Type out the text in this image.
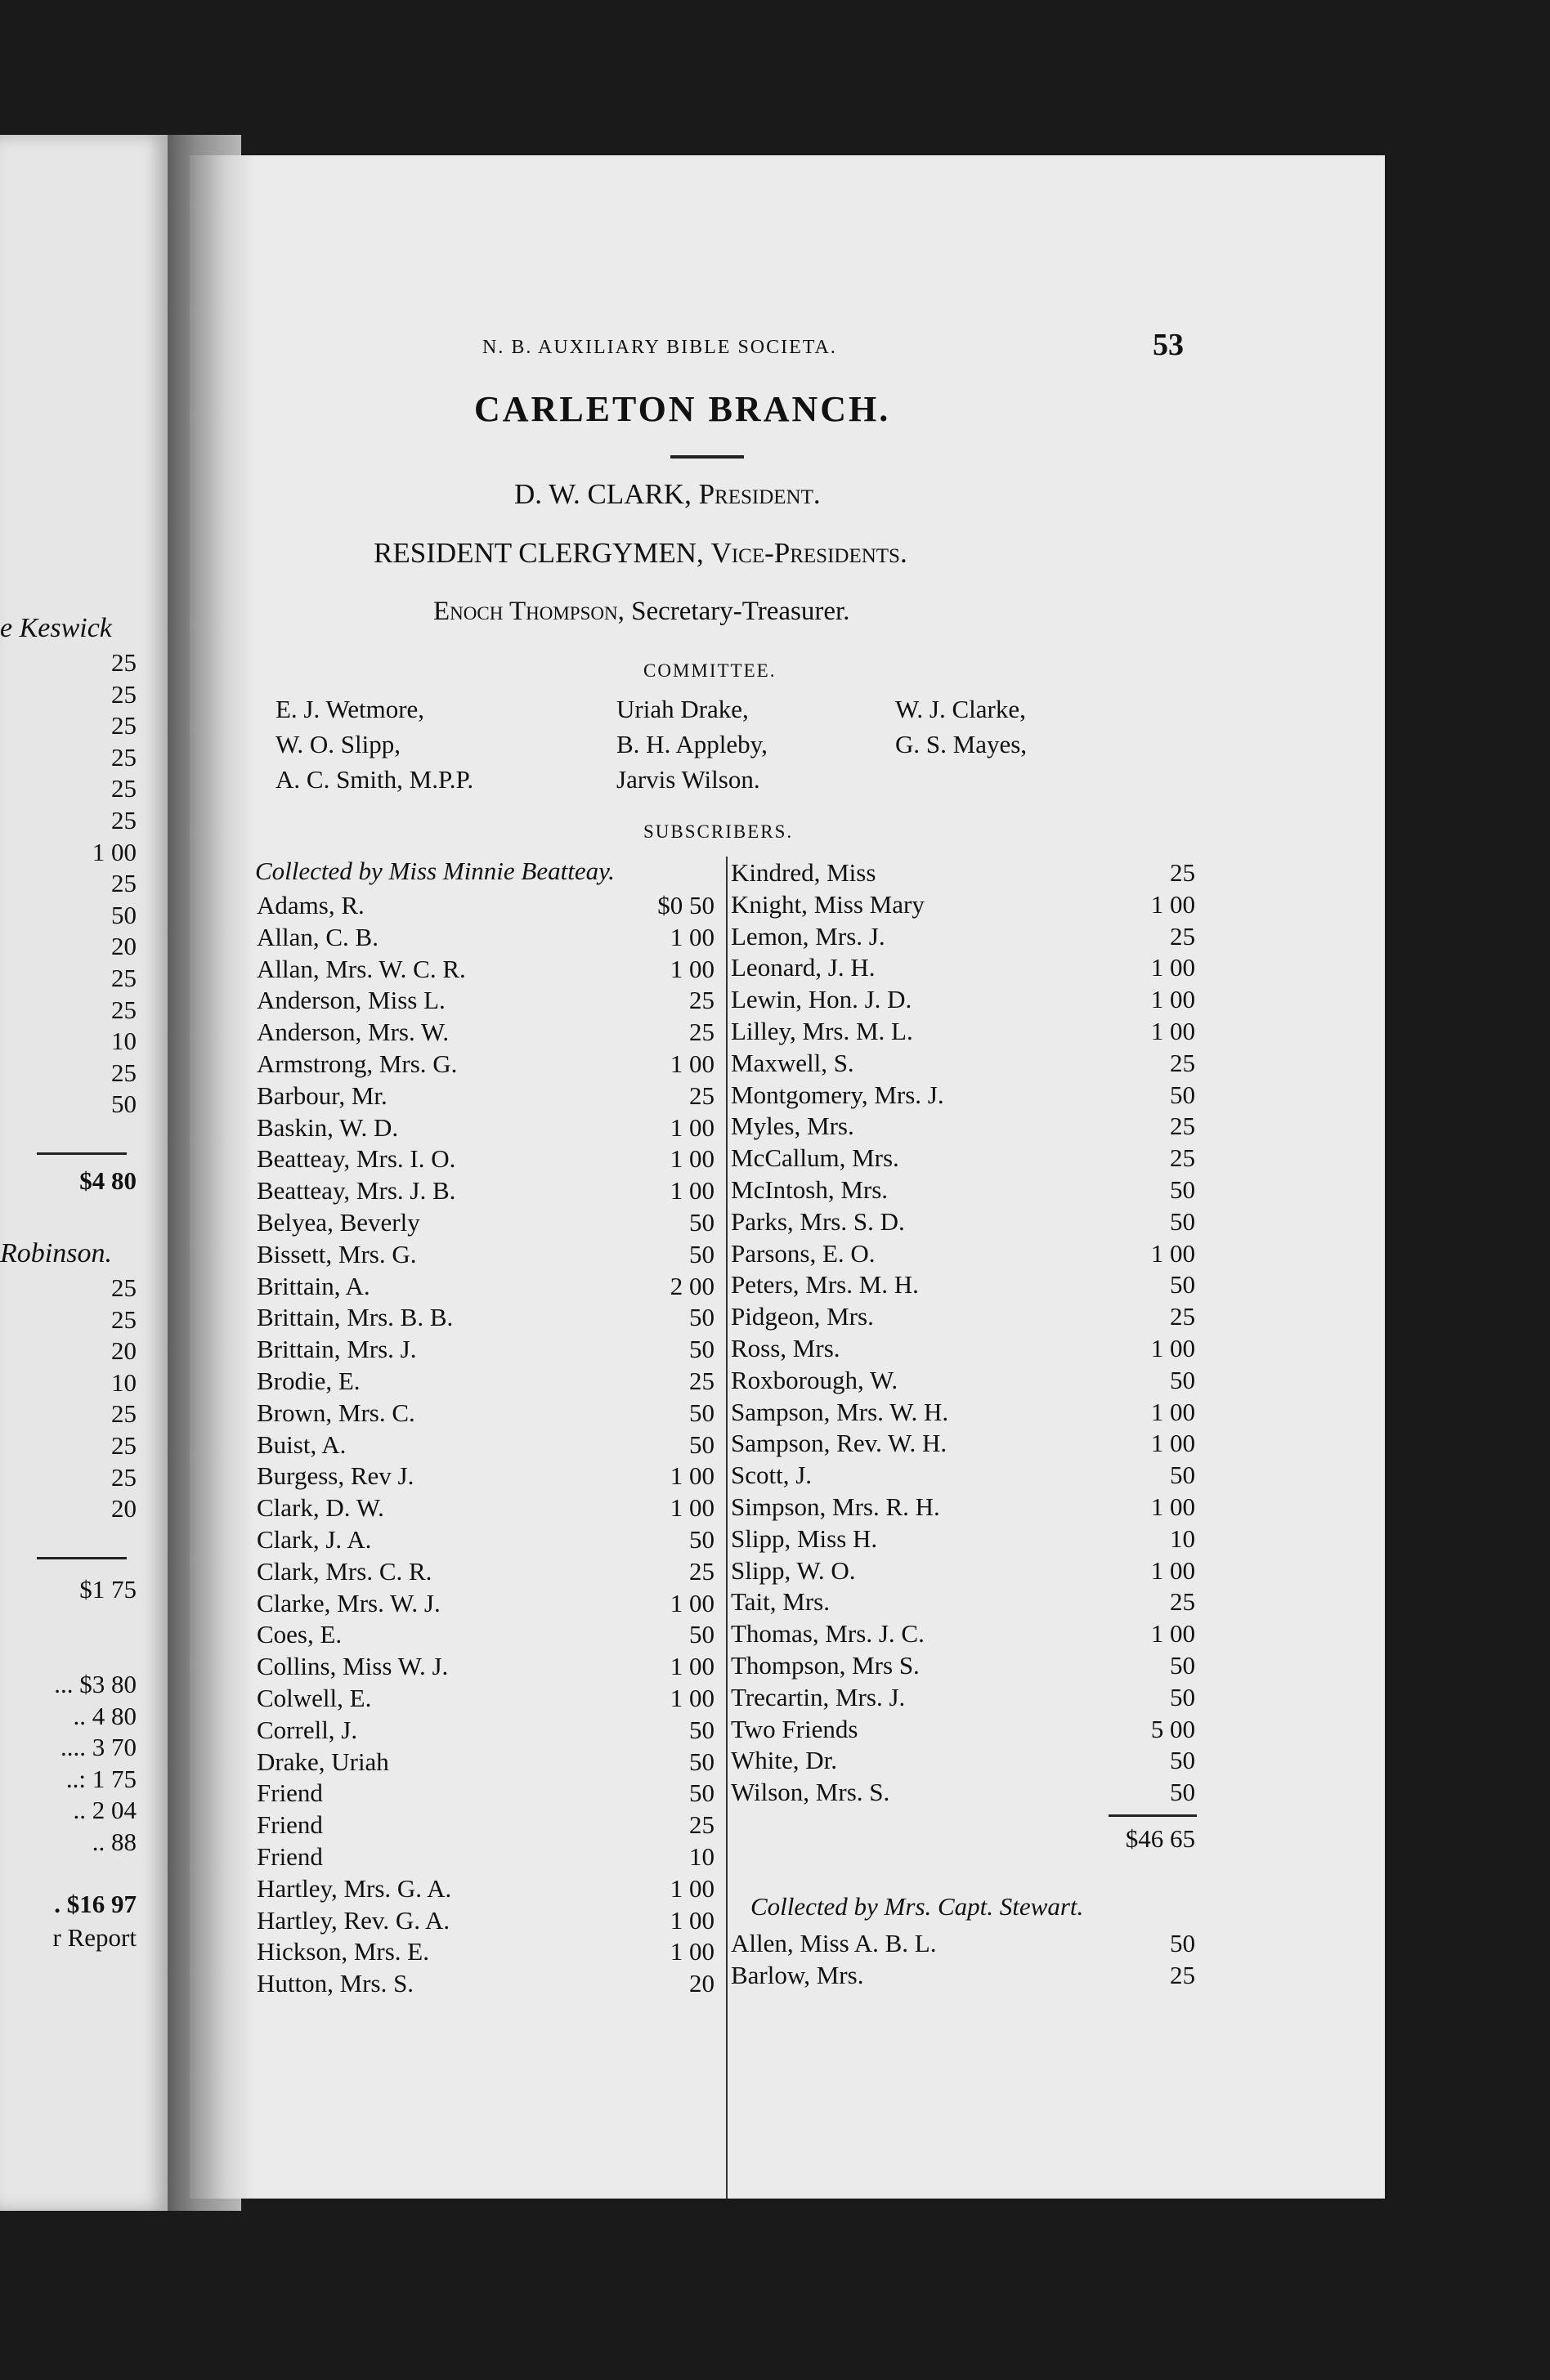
e Keswick
$4 80
Robinson.
$1 75
. $16 97
r Report
25
25
25
25
25
25
1 00
25
50
20
25
25
10
25
50
25
25
20
10
25
25
25
20
... $3 80
.. 4 80
.... 3 70
..: 1 75
.. 2 04
.. 88
N. B. AUXILIARY BIBLE SOCIETA.	53
CARLETON BRANCH.
D. W. CLARK, President.
RESIDENT CLERGYMEN, Vice-Presidents.
Enoch Thompson, Secretary-Treasurer.
COMMITTEE.
SUBSCRIBERS.
Collected by Miss Minnie Beatteay.
$46 65
Collected by Mrs. Capt. Stewart.
E. J. Wetmore,	Uriah Drake,	W. J. Clarke,
W. O. Slipp,	B. H. Appleby,	G. S. Mayes,
A. C. Smith, M.P.P.	Jarvis Wilson.
Adams, R.	$0 50
Allan, C. B.	1 00
Allan, Mrs. W. C. R.	1 00
Anderson, Miss L.	25
Anderson, Mrs. W.	25
Armstrong, Mrs. G.	1 00
Barbour, Mr.	25
Baskin, W. D.	1 00
Beatteay, Mrs. I. O.	1 00
Beatteay, Mrs. J. B.	1 00
Belyea, Beverly	50
Bissett, Mrs. G.	50
Brittain, A.	2 00
Brittain, Mrs. B. B.	50
Brittain, Mrs. J.	50
Brodie, E.	25
Brown, Mrs. C.	50
Buist, A.	50
Burgess, Rev J.	1 00
Clark, D. W.	1 00
Clark, J. A.	50
Clark, Mrs. C. R.	25
Clarke, Mrs. W. J.	1 00
Coes, E.	50
Collins, Miss W. J.	1 00
Colwell, E.	1 00
Correll, J.	50
Drake, Uriah	50
Friend	50
Friend	25
Friend	10
Hartley, Mrs. G. A.	1 00
Hartley, Rev. G. A.	1 00
Hickson, Mrs. E.	1 00
Hutton, Mrs. S.	20
Kindred, Miss	25
Knight, Miss Mary	1 00
Lemon, Mrs. J.	25
Leonard, J. H.	1 00
Lewin, Hon. J. D.	1 00
Lilley, Mrs. M. L.	1 00
Maxwell, S.	25
Montgomery, Mrs. J.	50
Myles, Mrs.	25
McCallum, Mrs.	25
McIntosh, Mrs.	50
Parks, Mrs. S. D.	50
Parsons, E. O.	1 00
Peters, Mrs. M. H.	50
Pidgeon, Mrs.	25
Ross, Mrs.	1 00
Roxborough, W.	50
Sampson, Mrs. W. H.	1 00
Sampson, Rev. W. H.	1 00
Scott, J.	50
Simpson, Mrs. R. H.	1 00
Slipp, Miss H.	10
Slipp, W. O.	1 00
Tait, Mrs.	25
Thomas, Mrs. J. C.	1 00
Thompson, Mrs S.	50
Trecartin, Mrs. J.	50
Two Friends	5 00
White, Dr.	50
Wilson, Mrs. S.	50
Allen, Miss A. B. L.	50
Barlow, Mrs.	25
